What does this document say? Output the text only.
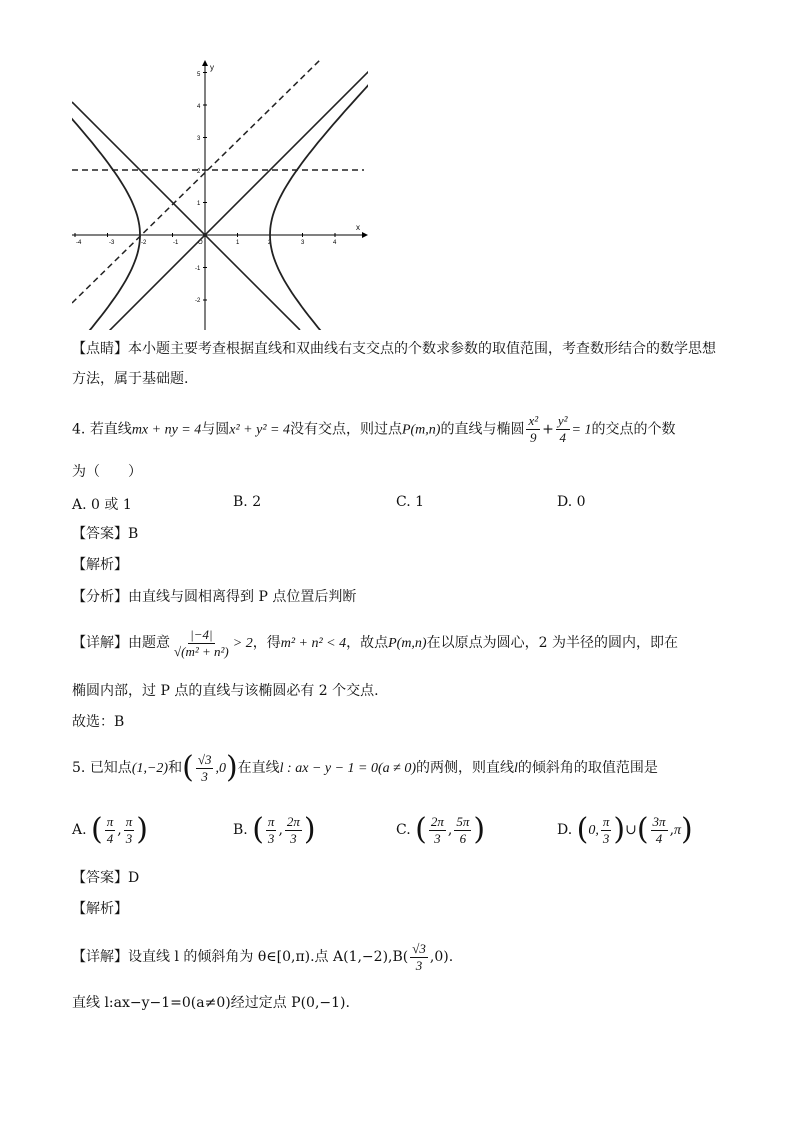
x
y
-4	-3	-2	-1	O	1	2	3	4
5
4
3
2
1
-1
-2
【点睛】本小题主要考查根据直线和双曲线右支交点的个数求参数的取值范围，考查数形结合的数学思想
方法，属于基础题.
4. 若直线mx + ny = 4与圆x² + y² = 4没有交点，则过点P(m,n)的直线与椭圆 $\frac{\text{x²}}{9} + \frac{\text{y²}}{4} = 1$的交点的个数
为（　　）
A. 0 或 1	B. 2	C. 1	D. 0
【答案】B
【解析】
【分析】由直线与圆相离得到 P 点位置后判断
【详解】由题意 $\frac{|-4|}{\text{√(m² + n²)}} > 2$，得m² + n² < 4，故点P(m,n)在以原点为圆心，2 为半径的圆内，即在
椭圆内部，过 P 点的直线与该椭圆必有 2 个交点.
故选：B
5. 已知点(1,−2)和( $\frac{√3}{3} ,0$)在直线l : ax − y − 1 = 0(a ≠ 0)的两侧，则直线l的倾斜角的取值范围是
A. ( $\frac{\pi}{4}$ , $\frac{\pi}{3}$ )	B. ( $\frac{\pi}{3}$ , $\frac{2\pi}{3}$ )	C. ( $\frac{2\pi}{3}$ , $\frac{5\pi}{6}$ )	D. (0, $\frac{\pi}{3}$ )∪( $\frac{3\pi}{4} ,\pi$)
【答案】D
【解析】
【详解】设直线 l 的倾斜角为 θ∈[0,π).点 $A(1,-2),B( \frac{√3}{3} ,0)$.
直线 l:ax−y−1=0(a≠0)经过定点 P(0,−1).
